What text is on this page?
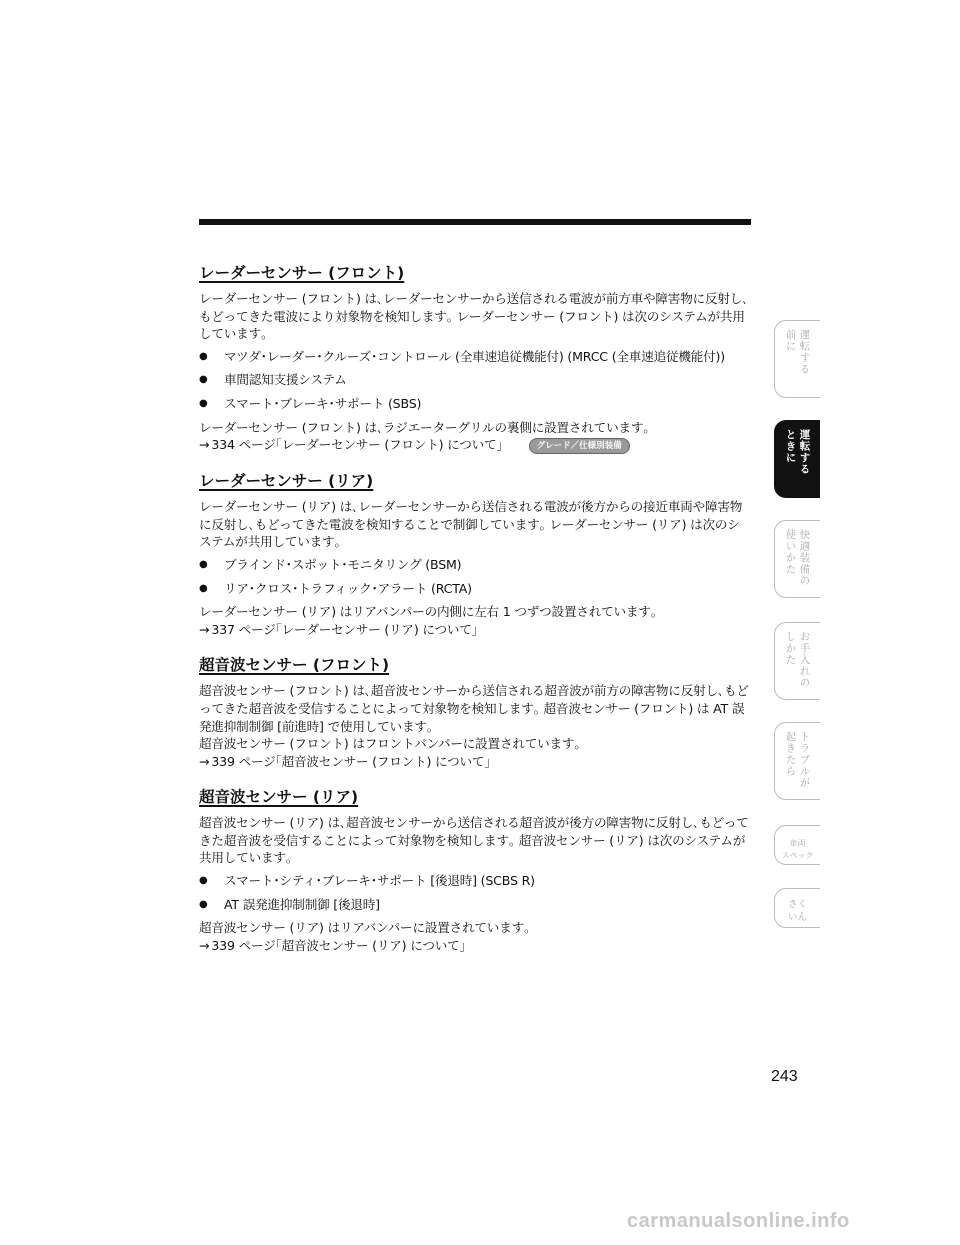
レーダーセンサー (フロント)

レーダーセンサー (フロント) は､レーダーセンサーから送信される電波が前方車や障害物に反射し､もどってきた電波により対象物を検知します｡ レーダーセンサー (フロント) は次のシステムが共用しています｡

● マツダ･レーダー･クルーズ･コントロール (全車速追従機能付) (MRCC (全車速追従機能付))
● 車間認知支援システム
● スマート･ブレーキ･サポート (SBS)

レーダーセンサー (フロント) は､ラジエーターグリルの裏側に設置されています｡

→ 334 ページ｢レーダーセンサー (フロント) について｣	グレード／仕様別装備

レーダーセンサー (リア)

レーダーセンサー (リア) は､レーダーセンサーから送信される電波が後方からの接近車両や障害物に反射し､もどってきた電波を検知することで制御しています｡ レーダーセンサー (リア) は次のシステムが共用しています｡

● ブラインド･スポット･モニタリング (BSM)
● リア･クロス･トラフィック･アラート (RCTA)

レーダーセンサー (リア) はリアバンパーの内側に左右 1 つずつ設置されています｡

→ 337 ページ｢レーダーセンサー (リア) について｣

超音波センサー (フロント)

超音波センサー (フロント) は､超音波センサーから送信される超音波が前方の障害物に反射し､もどってきた超音波を受信することによって対象物を検知します｡ 超音波センサー (フロント) は AT 誤発進抑制制御 [前進時] で使用しています｡

超音波センサー (フロント) はフロントバンパーに設置されています｡

→ 339 ページ｢超音波センサー (フロント) について｣

超音波センサー (リア)

超音波センサー (リア) は､超音波センサーから送信される超音波が後方の障害物に反射し､もどってきた超音波を受信することによって対象物を検知します｡ 超音波センサー (リア) は次のシステムが共用しています｡

● スマート･シティ･ブレーキ･サポート [後退時] (SCBS R)
● AT 誤発進抑制制御 [後退時]

超音波センサー (リア) はリアバンパーに設置されています｡

→ 339 ページ｢超音波センサー (リア) について｣

運転する
前に
運転する
ときに
快適装備の
使いかた
お手入れの
しかた
トラブルが
起きたら
車両
スペック
さく
いん
243
carmanualsonline.info
